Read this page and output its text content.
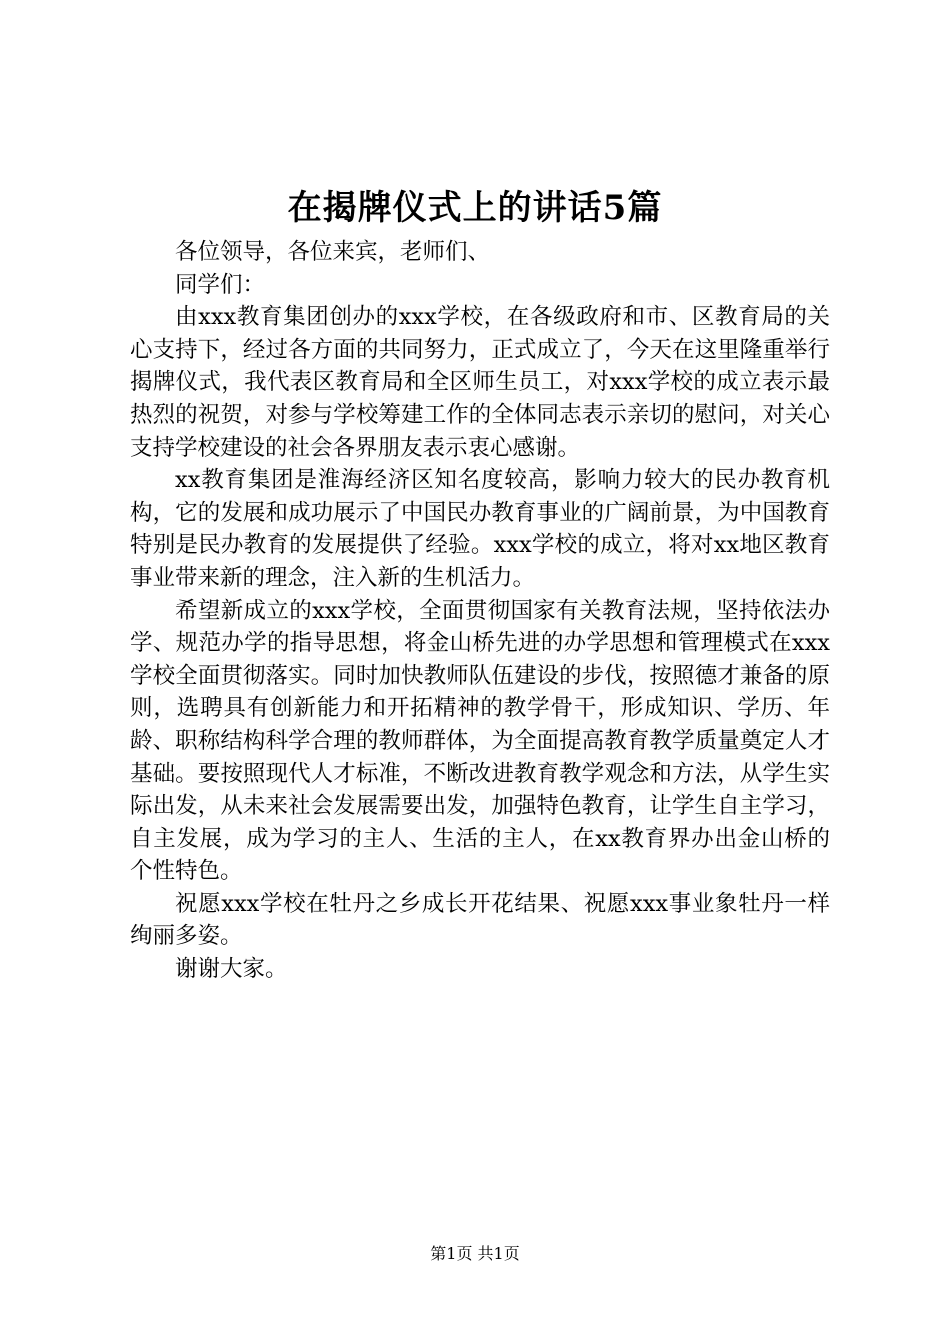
在揭牌仪式上的讲话5篇

各位领导，各位来宾，老师们、

同学们：

由xxx教育集团创办的xxx学校，在各级政府和市、区教育局的关心支持下，经过各方面的共同努力，正式成立了，今天在这里隆重举行揭牌仪式，我代表区教育局和全区师生员工，对xxx学校的成立表示最热烈的祝贺，对参与学校筹建工作的全体同志表示亲切的慰问，对关心支持学校建设的社会各界朋友表示衷心感谢。

xx教育集团是淮海经济区知名度较高，影响力较大的民办教育机构，它的发展和成功展示了中国民办教育事业的广阔前景，为中国教育特别是民办教育的发展提供了经验。xxx学校的成立，将对xx地区教育事业带来新的理念，注入新的生机活力。

希望新成立的xxx学校，全面贯彻国家有关教育法规，坚持依法办学、规范办学的指导思想，将金山桥先进的办学思想和管理模式在xxx学校全面贯彻落实。同时加快教师队伍建设的步伐，按照德才兼备的原则，选聘具有创新能力和开拓精神的教学骨干，形成知识、学历、年龄、职称结构科学合理的教师群体，为全面提高教育教学质量奠定人才基础。要按照现代人才标准，不断改进教育教学观念和方法，从学生实际出发，从未来社会发展需要出发，加强特色教育，让学生自主学习，自主发展，成为学习的主人、生活的主人，在xx教育界办出金山桥的个性特色。

祝愿xxx学校在牡丹之乡成长开花结果、祝愿xxx事业象牡丹一样绚丽多姿。

谢谢大家。

第1页 共1页
